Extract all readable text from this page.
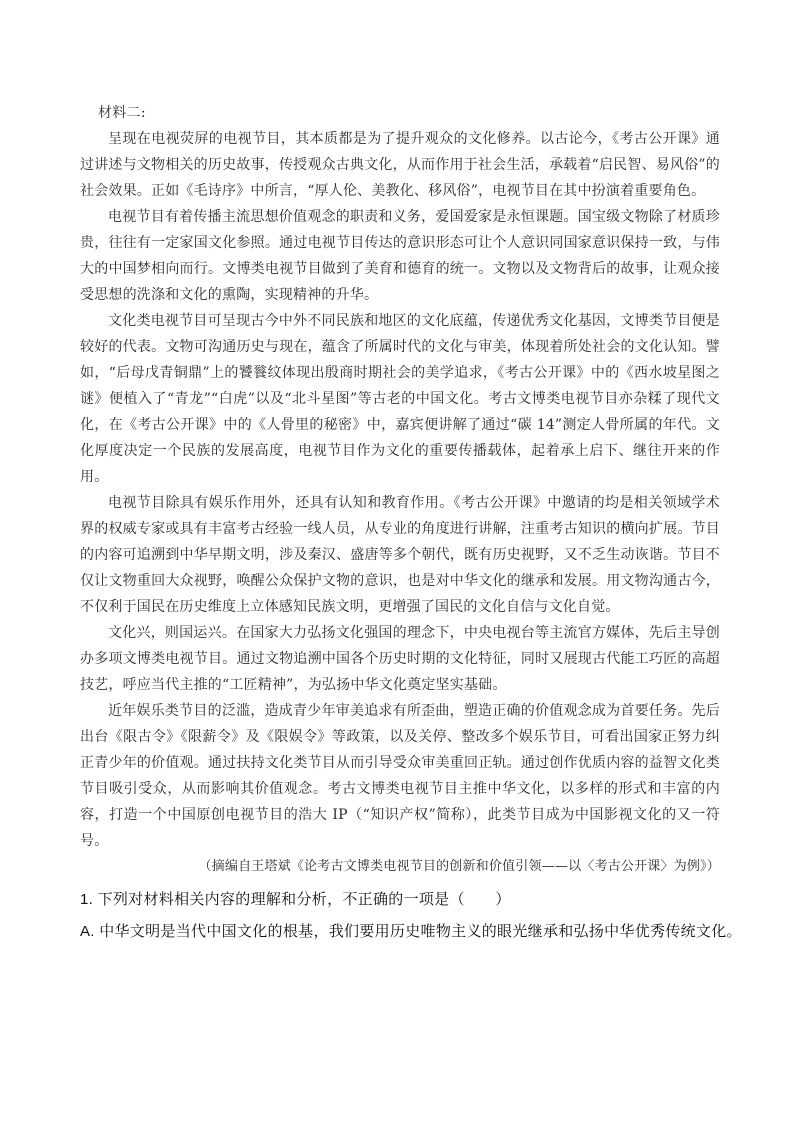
材料二:

呈现在电视荧屏的电视节目，其本质都是为了提升观众的文化修养。以古论今，《考古公开课》通过讲述与文物相关的历史故事，传授观众古典文化，从而作用于社会生活，承载着“启民智、易风俗”的社会效果。正如《毛诗序》中所言，“厚人伦、美教化、移风俗”，电视节目在其中扮演着重要角色。

电视节目有着传播主流思想价值观念的职责和义务，爱国爱家是永恒课题。国宝级文物除了材质珍贵，往往有一定家国文化参照。通过电视节目传达的意识形态可让个人意识同国家意识保持一致，与伟大的中国梦相向而行。文博类电视节目做到了美育和德育的统一。文物以及文物背后的故事，让观众接受思想的洗涤和文化的熏陶，实现精神的升华。

文化类电视节目可呈现古今中外不同民族和地区的文化底蕴，传递优秀文化基因，文博类节目便是较好的代表。文物可沟通历史与现在，蕴含了所属时代的文化与审美，体现着所处社会的文化认知。譬如，“后母戊青铜鼎”上的饕餮纹体现出殷商时期社会的美学追求，《考古公开课》中的《西水坡星图之谜》便植入了“青龙”“白虎”以及“北斗星图”等古老的中国文化。考古文博类电视节目亦杂糅了现代文化，在《考古公开课》中的《人骨里的秘密》中，嘉宾便讲解了通过“碳 14”测定人骨所属的年代。文化厚度决定一个民族的发展高度，电视节目作为文化的重要传播载体，起着承上启下、继往开来的作用。

电视节目除具有娱乐作用外，还具有认知和教育作用。《考古公开课》中邀请的均是相关领域学术界的权威专家或具有丰富考古经验一线人员，从专业的角度进行讲解，注重考古知识的横向扩展。节目的内容可追溯到中华早期文明，涉及秦汉、盛唐等多个朝代，既有历史视野，又不乏生动诙谐。节目不仅让文物重回大众视野，唤醒公众保护文物的意识，也是对中华文化的继承和发展。用文物沟通古今，不仅利于国民在历史维度上立体感知民族文明，更增强了国民的文化自信与文化自觉。

文化兴，则国运兴。在国家大力弘扬文化强国的理念下，中央电视台等主流官方媒体，先后主导创办多项文博类电视节目。通过文物追溯中国各个历史时期的文化特征，同时又展现古代能工巧匠的高超技艺，呼应当代主推的“工匠精神”，为弘扬中华文化奠定坚实基础。

近年娱乐类节目的泛滥，造成青少年审美追求有所歪曲，塑造正确的价值观念成为首要任务。先后出台《限古令》《限薪令》及《限娱令》等政策，以及关停、整改多个娱乐节目，可看出国家正努力纠正青少年的价值观。通过扶持文化类节目从而引导受众审美重回正轨。通过创作优质内容的益智文化类节目吸引受众，从而影响其价值观念。考古文博类电视节目主推中华文化，以多样的形式和丰富的内容，打造一个中国原创电视节目的浩大 IP（“知识产权”简称），此类节目成为中国影视文化的又一符号。

（摘编自王塔斌《论考古文博类电视节目的创新和价值引领——以〈考古公开课〉为例》）

1. 下列对材料相关内容的理解和分析，不正确的一项是（　　）

A. 中华文明是当代中国文化的根基，我们要用历史唯物主义的眼光继承和弘扬中华优秀传统文化。
